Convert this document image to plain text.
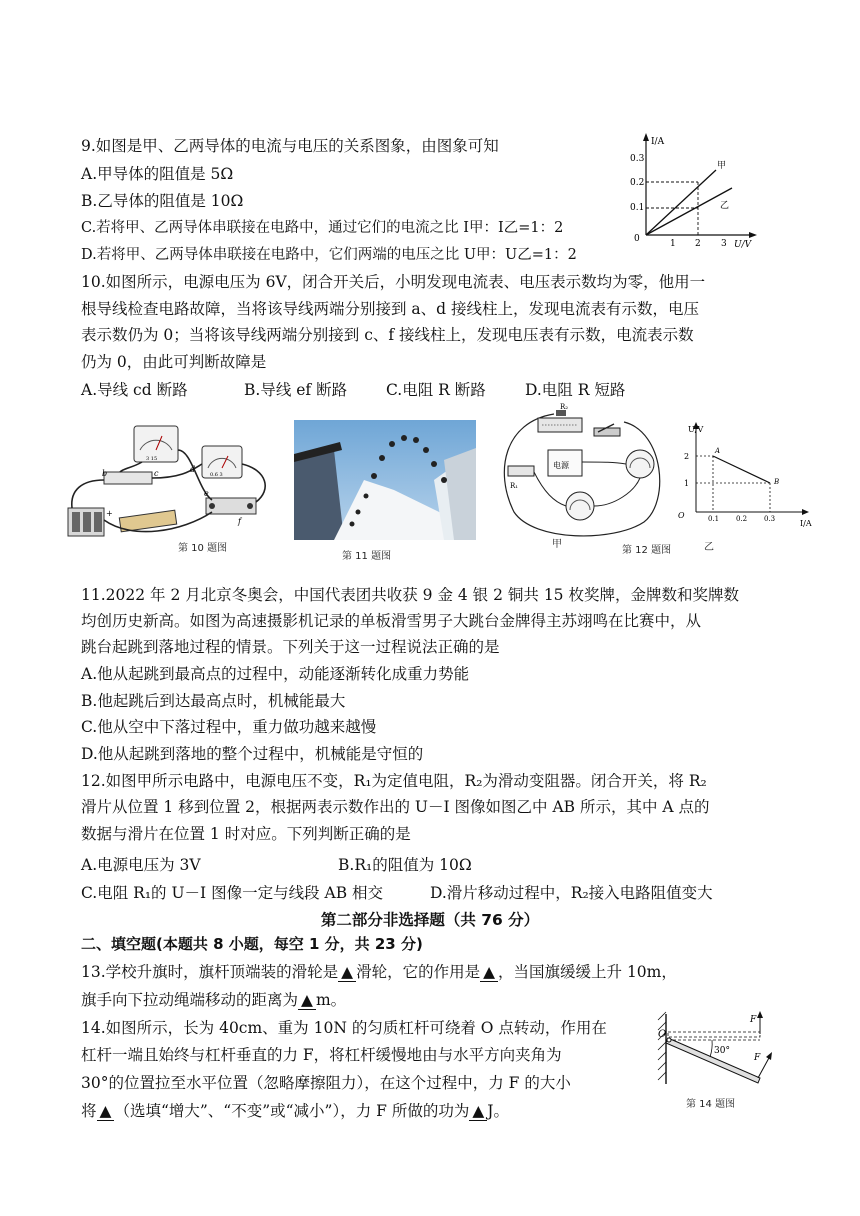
9.如图是甲、乙两导体的电流与电压的关系图象，由图象可知
A.甲导体的阻值是 5Ω
B.乙导体的阻值是 10Ω
C.若将甲、乙两导体串联接在电路中，通过它们的电流之比 I甲：I乙=1：2
D.若将甲、乙两导体串联接在电路中，它们两端的电压之比 U甲：U乙=1：2
I/A
U/V
0
0.3
0.2
0.1
1 2 3
甲
乙
10.如图所示，电源电压为 6V，闭合开关后，小明发现电流表、电压表示数均为零，他用一
根导线检查电路故障，当将该导线两端分别接到 a、d 接线柱上，发现电流表有示数，电压
表示数仍为 0；当将该导线两端分别接到 c、f 接线柱上，发现电压表有示数，电流表示数
仍为 0，由此可判断故障是
A.导线 cd 断路	B.导线 ef 断路	C.电阻 R 断路	D.电阻 R 短路
3 15
0.6 3
+
b	c	d
e
f
第 10 题图
第 11 题图
R₂
电源
R₁
甲
第 12 题图
U/V
I/A
O
2
1
0.1 0.2 0.3
A
B
乙
11.2022 年 2 月北京冬奥会，中国代表团共收获 9 金 4 银 2 铜共 15 枚奖牌，金牌数和奖牌数
均创历史新高。如图为高速摄影机记录的单板滑雪男子大跳台金牌得主苏翊鸣在比赛中，从
跳台起跳到落地过程的情景。下列关于这一过程说法正确的是
A.他从起跳到最高点的过程中，动能逐渐转化成重力势能
B.他起跳后到达最高点时，机械能最大
C.他从空中下落过程中，重力做功越来越慢
D.他从起跳到落地的整个过程中，机械能是守恒的
12.如图甲所示电路中，电源电压不变，R₁为定值电阻，R₂为滑动变阻器。闭合开关，将 R₂
滑片从位置 1 移到位置 2，根据两表示数作出的 U－I 图像如图乙中 AB 所示，其中 A 点的
数据与滑片在位置 1 时对应。下列判断正确的是
A.电源电压为 3V	B.R₁的阻值为 10Ω
C.电阻 R₁的 U－I 图像一定与线段 AB 相交	D.滑片移动过程中，R₂接入电路阻值变大
第二部分非选择题（共 76 分）
二、填空题(本题共 8 小题，每空 1 分，共 23 分)
13.学校升旗时，旗杆顶端装的滑轮是 ▲ 滑轮，它的作用是 ▲ ，当国旗缓缓上升 10m，
旗手向下拉动绳端移动的距离为 ▲ m。
14.如图所示，长为 40cm、重为 10N 的匀质杠杆可绕着 O 点转动，作用在
杠杆一端且始终与杠杆垂直的力 F，将杠杆缓慢地由与水平方向夹角为
30°的位置拉至水平位置（忽略摩擦阻力），在这个过程中，力 F 的大小
将 ▲ （选填“增大”、“不变”或“减小”），力 F 所做的功为 ▲ J。
O
F
F
30°
第 14 题图
